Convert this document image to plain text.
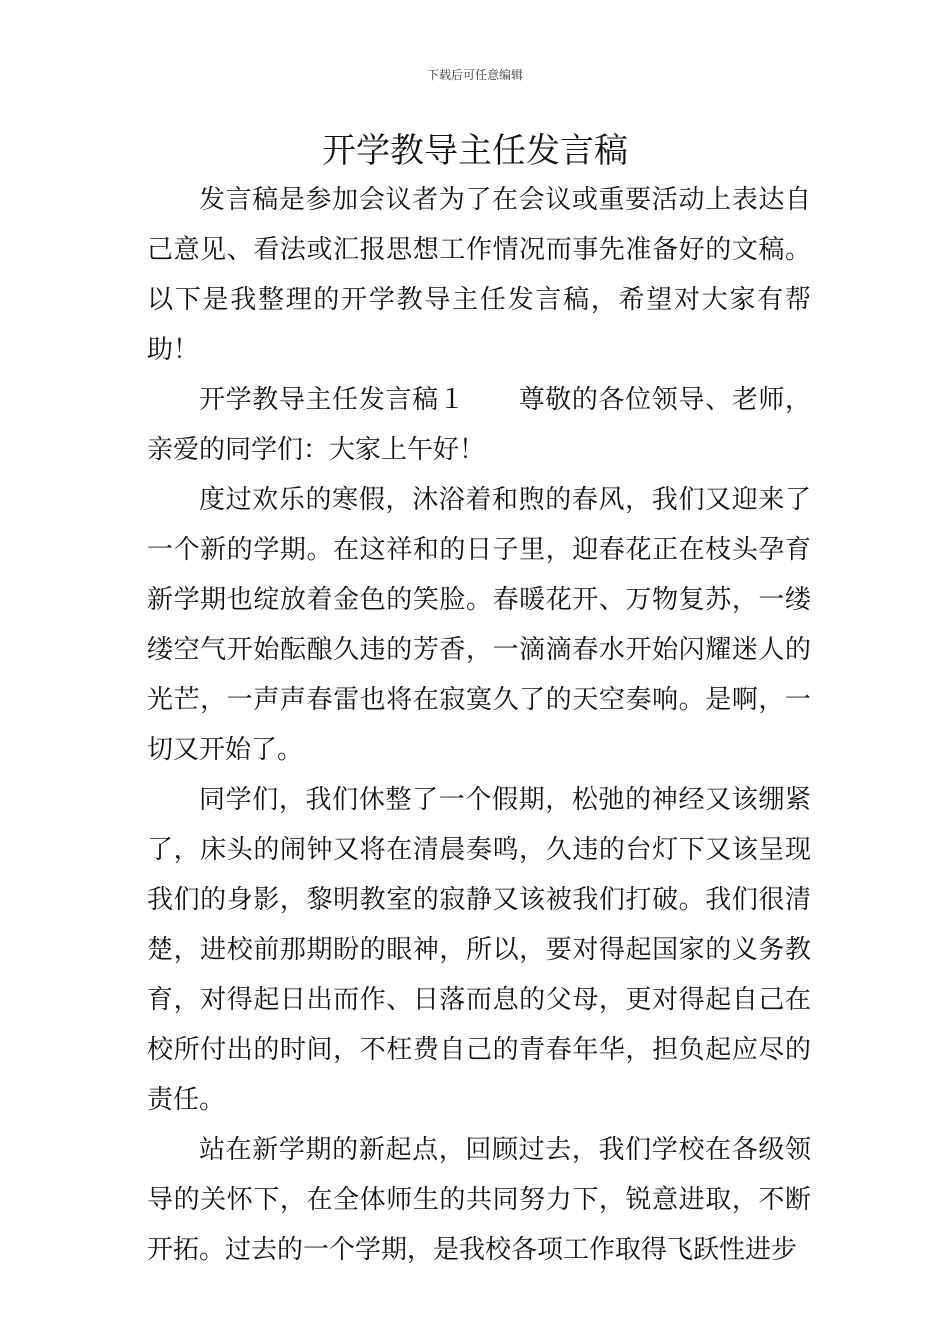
下载后可任意编辑
开学教导主任发言稿

发言稿是参加会议者为了在会议或重要活动上表达自己意见、看法或汇报思想工作情况而事先准备好的文稿。以下是我整理的开学教导主任发言稿，希望对大家有帮助！

开学教导主任发言稿１　　尊敬的各位领导、老师，亲爱的同学们：大家上午好！

度过欢乐的寒假，沐浴着和煦的春风，我们又迎来了一个新的学期。在这祥和的日子里，迎春花正在枝头孕育新学期也绽放着金色的笑脸。春暖花开、万物复苏，一缕缕空气开始酝酿久违的芳香，一滴滴春水开始闪耀迷人的光芒，一声声春雷也将在寂寞久了的天空奏响。是啊，一切又开始了。

同学们，我们休整了一个假期，松弛的神经又该绷紧了，床头的闹钟又将在清晨奏鸣，久违的台灯下又该呈现我们的身影，黎明教室的寂静又该被我们打破。我们很清楚，进校前那期盼的眼神，所以，要对得起国家的义务教育，对得起日出而作、日落而息的父母，更对得起自己在校所付出的时间，不枉费自己的青春年华，担负起应尽的责任。

站在新学期的新起点，回顾过去，我们学校在各级领导的关怀下，在全体师生的共同努力下，锐意进取，不断开拓。过去的一个学期，是我校各项工作取得飞跃性进步
